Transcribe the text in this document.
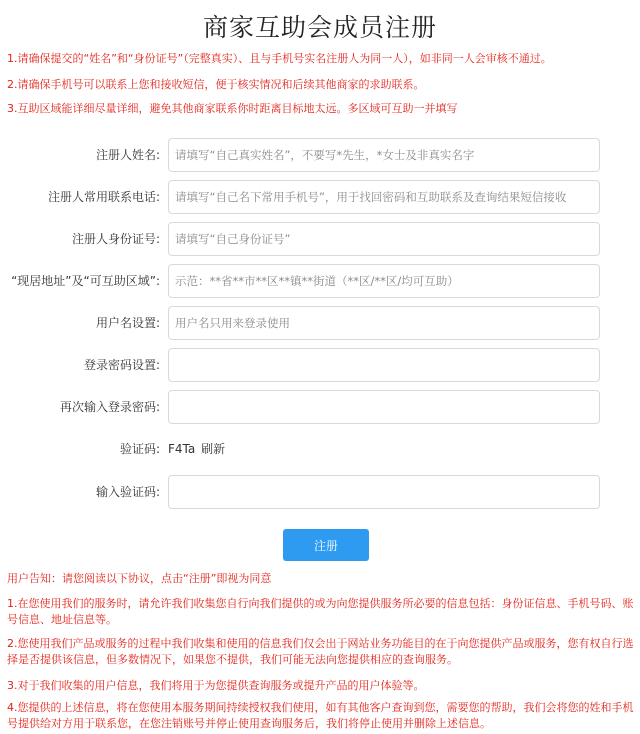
商家互助会成员注册
1.请确保提交的“姓名”和“身份证号”（完整真实）、且与手机号实名注册人为同一人），如非同一人会审核不通过。
2.请确保手机号可以联系上您和接收短信，便于核实情况和后续其他商家的求助联系。
3.互助区域能详细尽量详细，避免其他商家联系你时距离目标地太远。多区域可互助一并填写
注册人姓名:
请填写“自己真实姓名”，不要写*先生，*女士及非真实名字
注册人常用联系电话:
请填写“自己名下常用手机号”，用于找回密码和互助联系及查询结果短信接收
注册人身份证号:
请填写“自己身份证号”
“现居地址”及“可互助区域”:
示范：**省**市**区**镇**街道（**区/**区/均可互助）
用户名设置:
用户名只用来登录使用
登录密码设置:
再次输入登录密码:
验证码: F4Ta 刷新
输入验证码:
注册
用户告知：请您阅读以下协议，点击“注册”即视为同意
1.在您使用我们的服务时，请允许我们收集您自行向我们提供的或为向您提供服务所必要的信息包括：身份证信息、手机号码、账号信息、地址信息等。
2.您使用我们产品或服务的过程中我们收集和使用的信息我们仅会出于网站业务功能目的在于向您提供产品或服务，您有权自行选择是否提供该信息，但多数情况下，如果您不提供，我们可能无法向您提供相应的查询服务。
3.对于我们收集的用户信息，我们将用于为您提供查询服务或提升产品的用户体验等。
4.您提供的上述信息，将在您使用本服务期间持续授权我们使用，如有其他客户查询到您，需要您的帮助，我们会将您的姓和手机号提供给对方用于联系您，在您注销账号并停止使用查询服务后，我们将停止使用并删除上述信息。
